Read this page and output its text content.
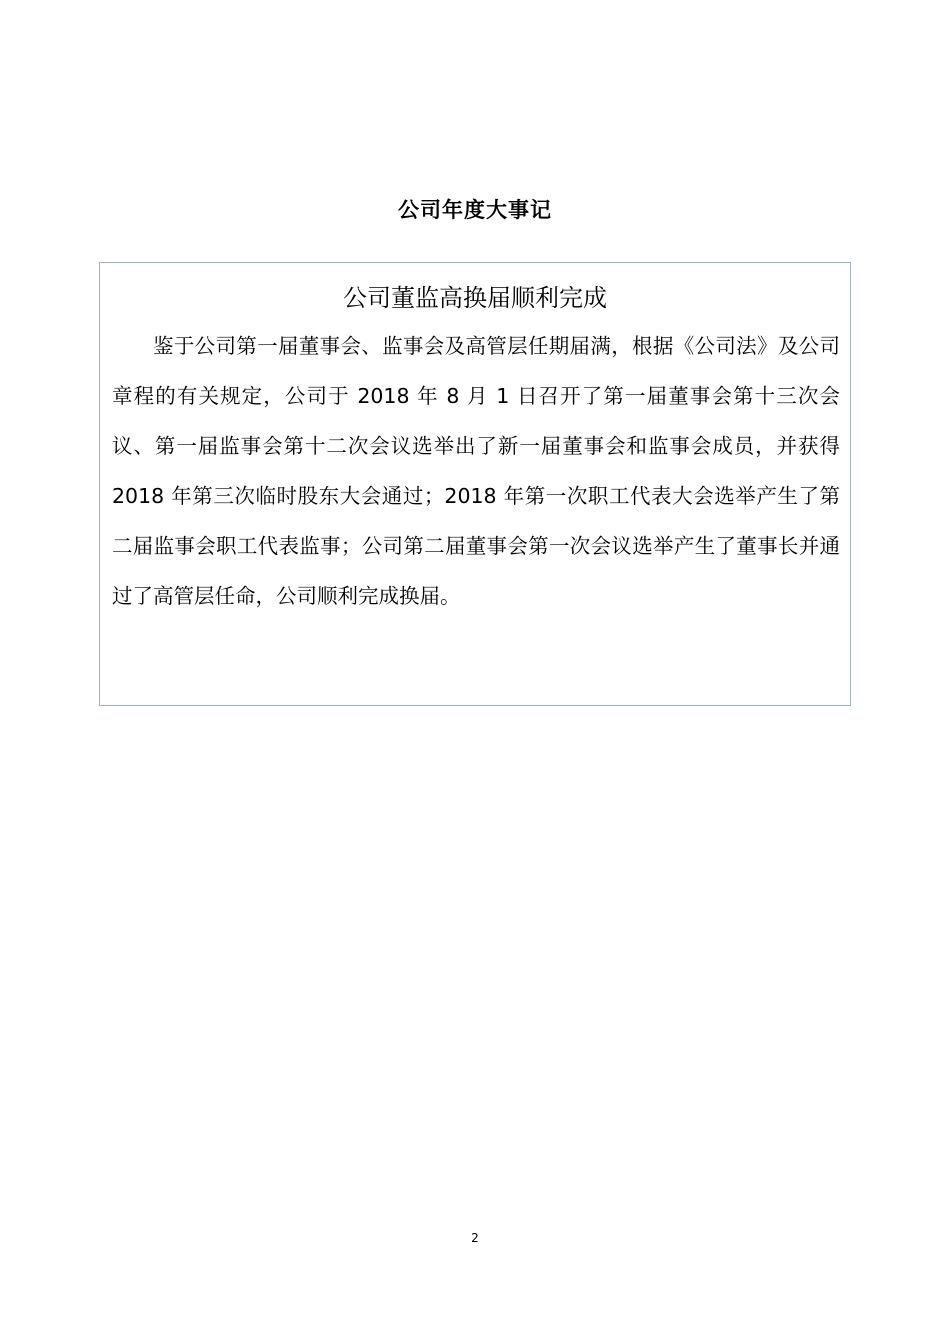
公司年度大事记
公司董监高换届顺利完成

鉴于公司第一届董事会、监事会及高管层任期届满，根据《公司法》及公司章程的有关规定，公司于 2018 年 8 月 1 日召开了第一届董事会第十三次会议、第一届监事会第十二次会议选举出了新一届董事会和监事会成员，并获得 2018 年第三次临时股东大会通过；2018 年第一次职工代表大会选举产生了第二届监事会职工代表监事；公司第二届董事会第一次会议选举产生了董事长并通过了高管层任命，公司顺利完成换届。

2
